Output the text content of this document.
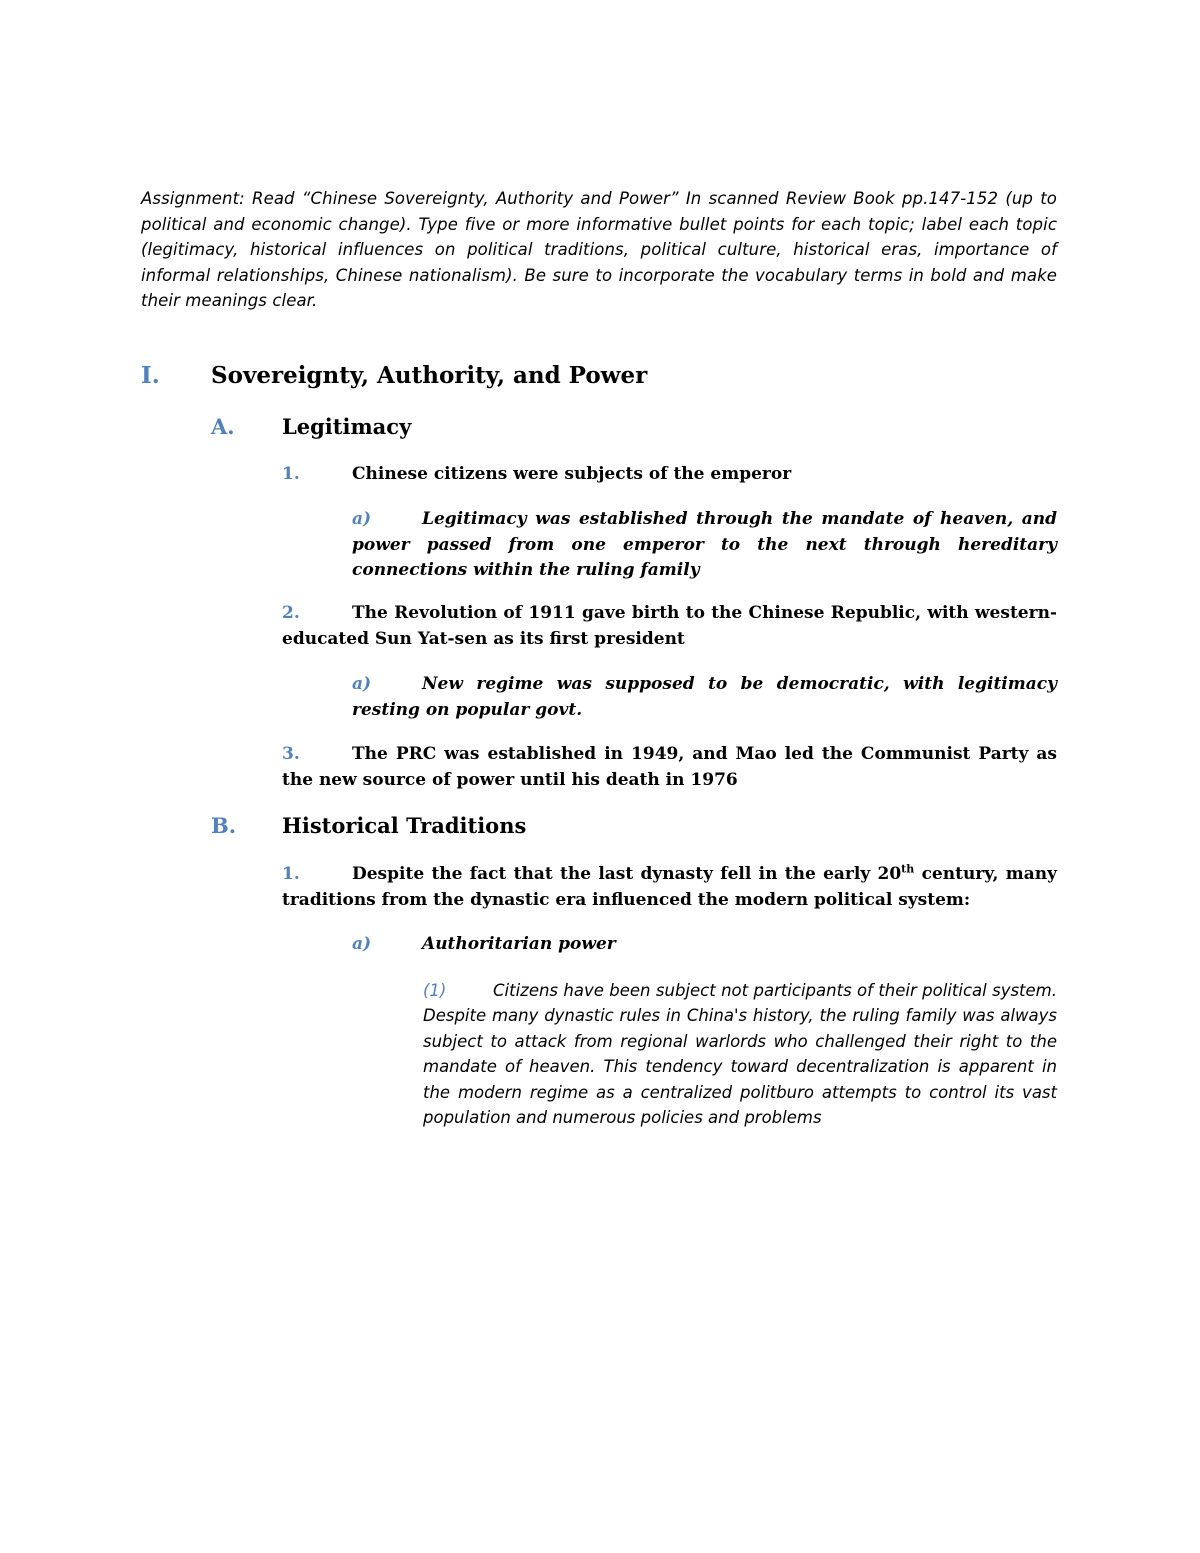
Assignment: Read “Chinese Sovereignty, Authority and Power” In scanned Review Book pp.147-152 (up to political and economic change). Type five or more informative bullet points for each topic; label each topic (legitimacy, historical influences on political traditions, political culture, historical eras, importance of informal relationships, Chinese nationalism). Be sure to incorporate the vocabulary terms in bold and make their meanings clear.

I. Sovereignty, Authority, and Power
A. Legitimacy

1.	Chinese citizens were subjects of the emperor

a)	Legitimacy was established through the mandate of heaven, and power passed from one emperor to the next through hereditary connections within the ruling family

2.	The Revolution of 1911 gave birth to the Chinese Republic, with western-educated Sun Yat-sen as its first president

a)	New regime was supposed to be democratic, with legitimacy resting on popular govt.

3.	The PRC was established in 1949, and Mao led the Communist Party as the new source of power until his death in 1976

B. Historical Traditions

1.	Despite the fact that the last dynasty fell in the early 20th century, many traditions from the dynastic era influenced the modern political system:

a)	Authoritarian power

(1)	Citizens have been subject not participants of their political system. Despite many dynastic rules in China's history, the ruling family was always subject to attack from regional warlords who challenged their right to the mandate of heaven. This tendency toward decentralization is apparent in the modern regime as a centralized politburo attempts to control its vast population and numerous policies and problems
